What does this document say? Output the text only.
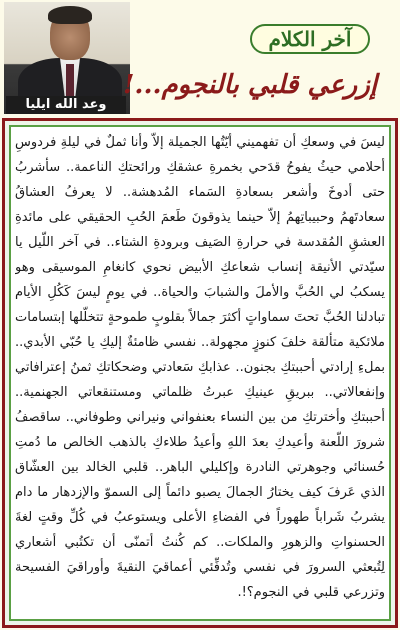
وعد الله ايليا
آخر الكلام
إزرعي قلبي بالنجوم...!
ليسَ في وسعكِ أن تفهميني أيّتُها الجميلة إلاّ وأنا ثملٌ في ليلةِ فردوسِ أحلامي حيثُ يفوحُ قدَحي بخمرةِ عشقكِ ورائحتكِ الناعمة.. سأشربُ حتى أدوخَ وأشعر بسعادةِ السَماء المُدهشة.. لا يعرفُ العشاقُ سعادتَهمُ وحبيباتِهمُ إلاّ حينما يذوقونَ طَعمَ الحُبِ الحقيقي على مائدةِ العشقِ المُقدسة في حرارةِ الصَيف وبرودةِ الشتاء.. في آخر اللّيل يا سيّدتي الأنيقة إنساب شعاعكِ الأبيض نحوي كانغامِ الموسيقى وهو يسكبُ لي الحُبَّ والأملَ والشبابَ والحياة.. في يومٍ ليسَ كَكُلِ الأيام تبادلنا الحُبَّ تحتَ سماواتٍ أكثرَ جمالاً بقلوبٍ طموحةٍ تتخلّلها إبتسامات ملائكية متألقة خلفَ كنوزٍ مجهولة.. نفسي ظامئةٌ إليكِ يا حُبّي الأبدي.. بملءِ إرادتي أحببتكِ بجنون.. عذابكِ سَعادتي وضحكاتكِ ثمنُ إعترافاتي وإنفعالاتي.. ببريقِ عينيكِ عبرتُ ظلماتي ومستنقعاتي الجهنمية.. أحببتكِ وأخترتكِ من بين النساء بعنفواني ونيراني وطوفاني.. ساقصفُ شرورَ اللّعنة وأعيدكِ بعدَ اللهِ وأعيدُ طلاءكِ بالذهب الخالص ما دُمتِ حُسنائي وجوهرتي النادرة وإكليلي الباهر.. قلبي الخالد بين العشّاق الذي عَرفَ كيف يختارُ الجمالَ يصبو دائماً إلى السموّ والإزدهار ما دام يشربُ شَراباً طهوراً في الفضاءِ الأعلى ويستوعبُ في كُلِّ وقتٍ لغةَ الحسنواتِ والزهورِ والملكات.. كم كُنتُ أتمنّى أن تكتُبي أشعاري لِتُبعثي السرورَ في نفسي وتُدفِّئي أعماقيَ النقيةَ وأوراقيَ الفسيحة وتزرعي قلبي في النجوم؟!.
